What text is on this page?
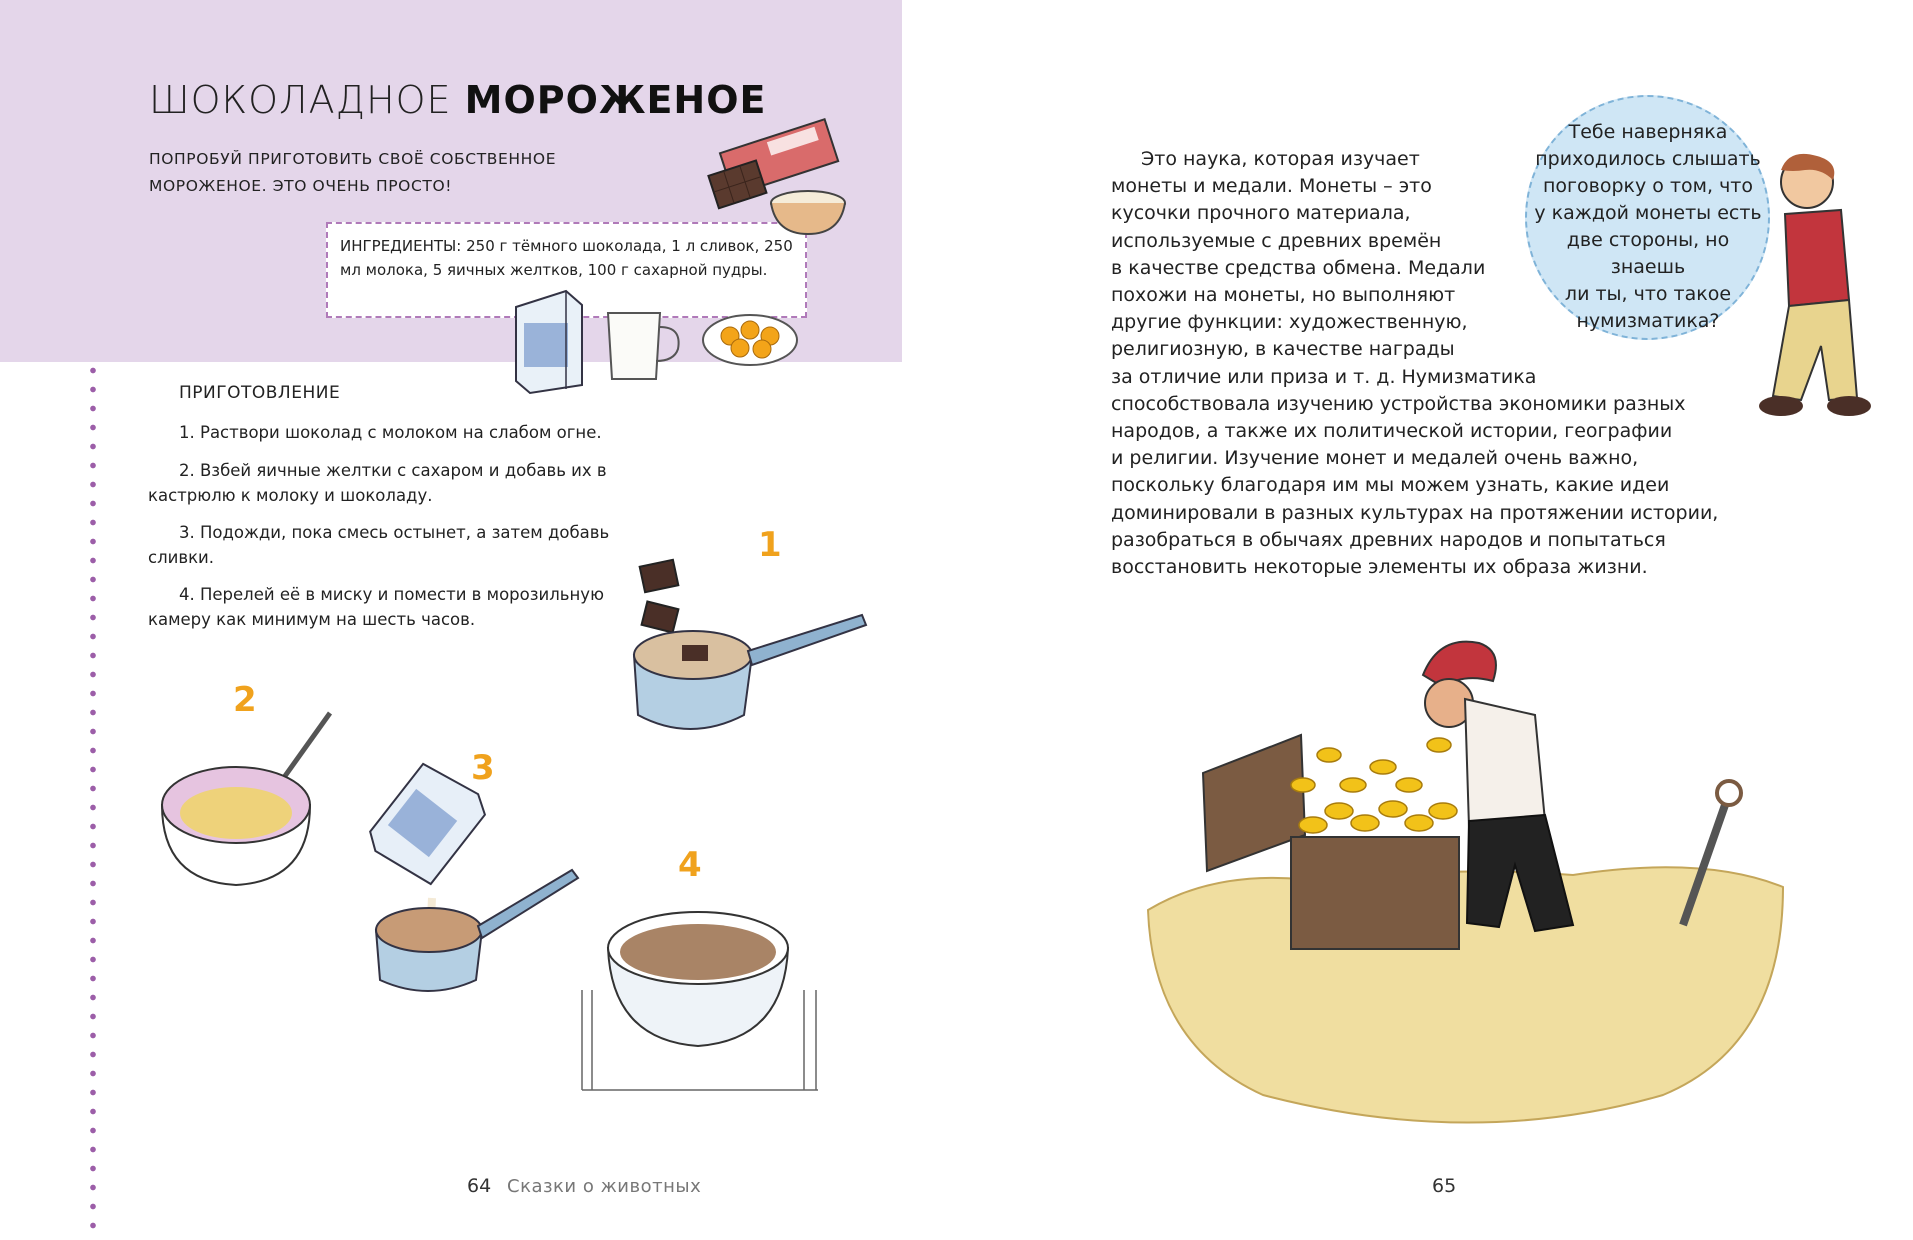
ШОКОЛАДНОЕ МОРОЖЕНОЕ
ПОПРОБУЙ ПРИГОТОВИТЬ СВОЁ СОБСТВЕННОЕ МОРОЖЕНОЕ. ЭТО ОЧЕНЬ ПРОСТО!
ИНГРЕДИЕНТЫ: 250 г тёмного шоколада, 1 л сливок, 250 мл молока, 5 яичных желтков, 100 г сахарной пудры.
ПРИГОТОВЛЕНИЕ
1. Раствори шоколад с молоком на слабом огне.
2. Взбей яичные желтки с сахаром и добавь их в кастрюлю к молоку и шоколаду.
3. Подожди, пока смесь остынет, а затем добавь сливки.
4. Перелей её в миску и помести в морозильную камеру как минимум на шесть часов.
1
2
3
4
64 Сказки о животных	65
Это наука, которая изучает
монеты и медали. Монеты – это
кусочки прочного материала,
используемые с древних времён
в качестве средства обмена. Медали
похожи на монеты, но выполняют
другие функции: художественную,
религиозную, в качестве награды
за отличие или приза и т. д. Нумизматика
способствовала изучению устройства экономики разных
народов, а также их политической истории, географии
и религии. Изучение монет и медалей очень важно,
поскольку благодаря им мы можем узнать, какие идеи
доминировали в разных культурах на протяжении истории,
разобраться в обычаях древних народов и попытаться
восстановить некоторые элементы их образа жизни.
Тебе наверняка
приходилось слышать
поговорку о том, что
у каждой монеты есть
две стороны, но знаешь
ли ты, что такое
нумизматика?
